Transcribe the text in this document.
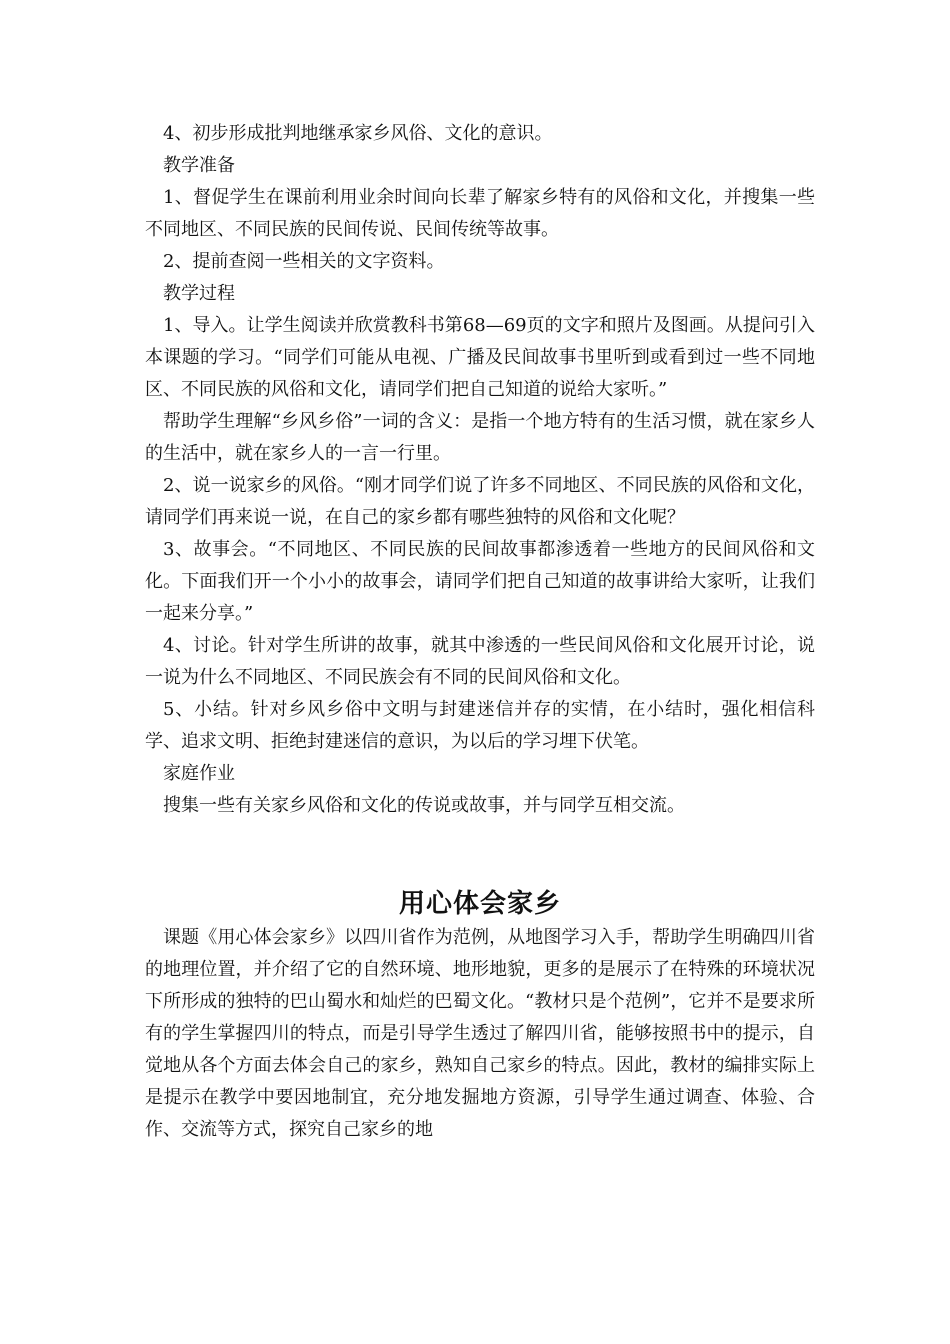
4、初步形成批判地继承家乡风俗、文化的意识。

教学准备

1、督促学生在课前利用业余时间向长辈了解家乡特有的风俗和文化，并搜集一些不同地区、不同民族的民间传说、民间传统等故事。

2、提前查阅一些相关的文字资料。

教学过程

1、导入。让学生阅读并欣赏教科书第68—69页的文字和照片及图画。从提问引入本课题的学习。“同学们可能从电视、广播及民间故事书里听到或看到过一些不同地区、不同民族的风俗和文化，请同学们把自己知道的说给大家听。”

帮助学生理解“乡风乡俗”一词的含义：是指一个地方特有的生活习惯，就在家乡人的生活中，就在家乡人的一言一行里。

2、说一说家乡的风俗。“刚才同学们说了许多不同地区、不同民族的风俗和文化，请同学们再来说一说，在自己的家乡都有哪些独特的风俗和文化呢？

3、故事会。“不同地区、不同民族的民间故事都渗透着一些地方的民间风俗和文化。下面我们开一个小小的故事会，请同学们把自己知道的故事讲给大家听，让我们一起来分享。”

4、讨论。针对学生所讲的故事，就其中渗透的一些民间风俗和文化展开讨论，说一说为什么不同地区、不同民族会有不同的民间风俗和文化。

5、小结。针对乡风乡俗中文明与封建迷信并存的实情，在小结时，强化相信科学、追求文明、拒绝封建迷信的意识，为以后的学习埋下伏笔。

家庭作业

搜集一些有关家乡风俗和文化的传说或故事，并与同学互相交流。

用心体会家乡

课题《用心体会家乡》以四川省作为范例，从地图学习入手，帮助学生明确四川省的地理位置，并介绍了它的自然环境、地形地貌，更多的是展示了在特殊的环境状况下所形成的独特的巴山蜀水和灿烂的巴蜀文化。“教材只是个范例”，它并不是要求所有的学生掌握四川的特点，而是引导学生透过了解四川省，能够按照书中的提示，自觉地从各个方面去体会自己的家乡，熟知自己家乡的特点。因此，教材的编排实际上是提示在教学中要因地制宜，充分地发掘地方资源，引导学生通过调查、体验、合作、交流等方式，探究自己家乡的地
